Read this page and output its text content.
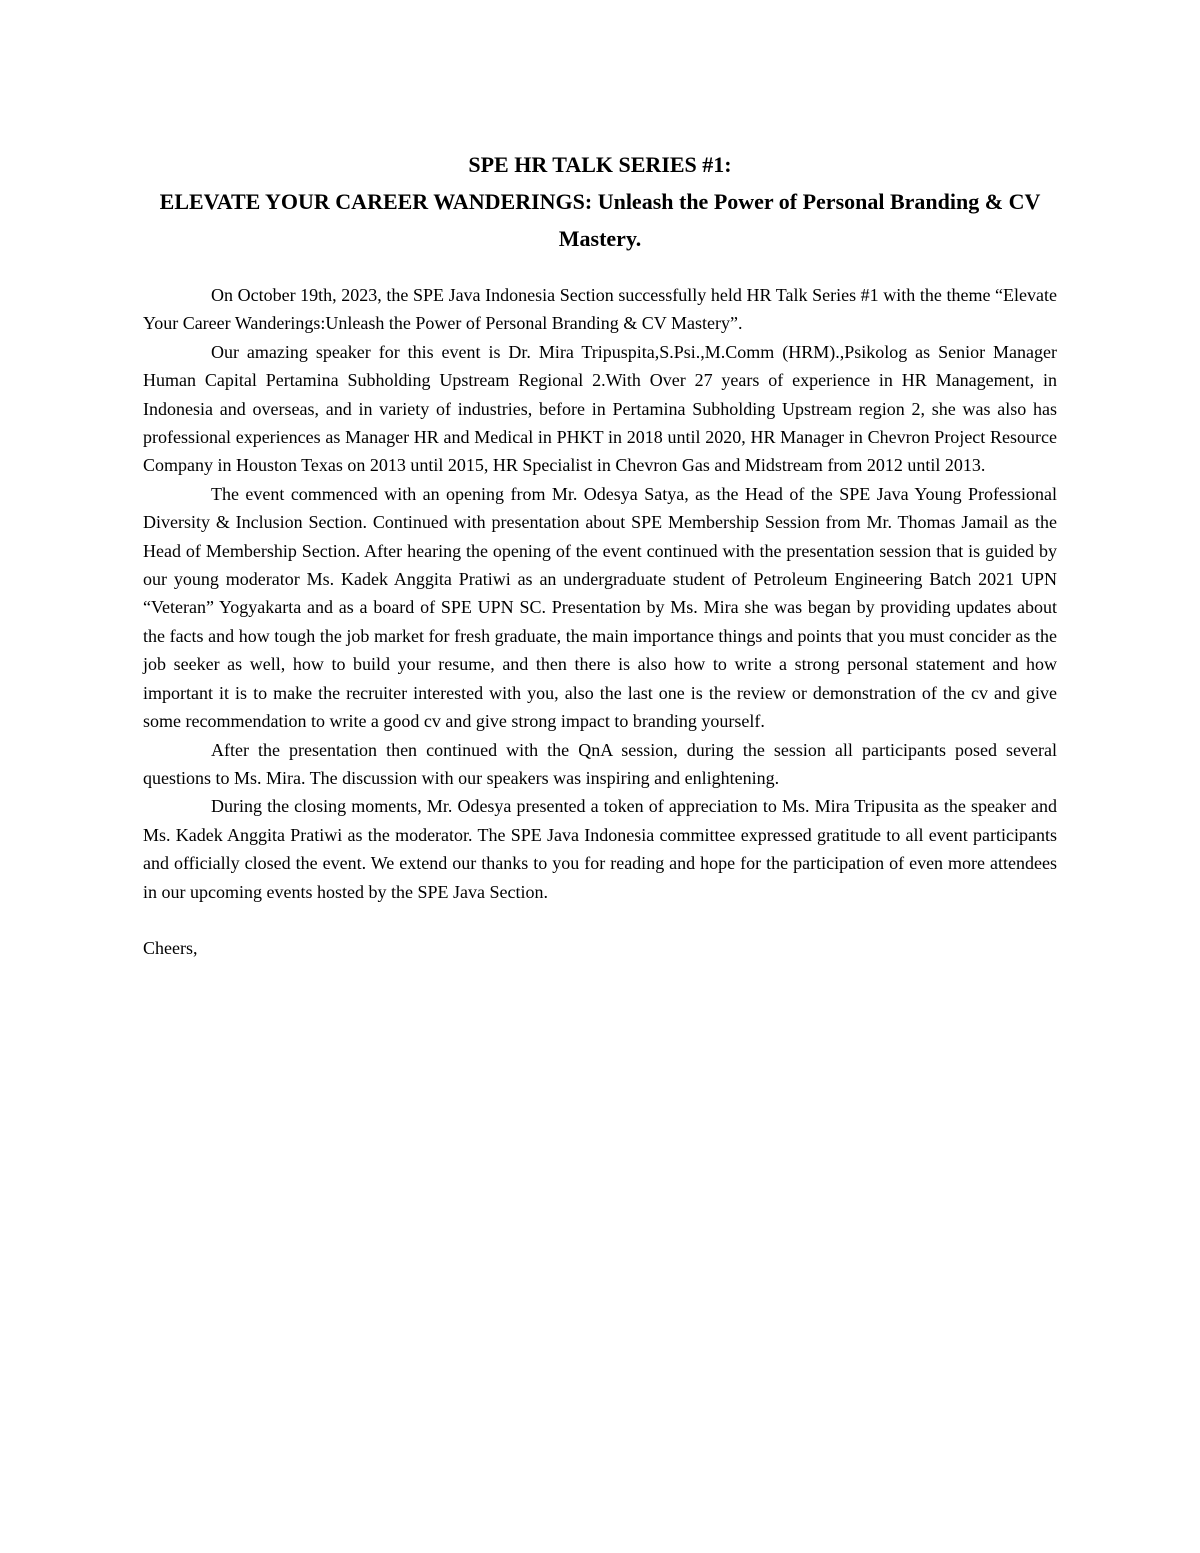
SPE HR TALK SERIES #1:
ELEVATE YOUR CAREER WANDERINGS: Unleash the Power of Personal Branding & CV Mastery.

On October 19th, 2023, the SPE Java Indonesia Section successfully held HR Talk Series #1 with the theme “Elevate Your Career Wanderings:Unleash the Power of Personal Branding & CV Mastery”.

Our amazing speaker for this event is Dr. Mira Tripuspita,S.Psi.,M.Comm (HRM).,Psikolog as Senior Manager Human Capital Pertamina Subholding Upstream Regional 2.With Over 27 years of experience in HR Management, in Indonesia and overseas, and in variety of industries, before in Pertamina Subholding Upstream region 2, she was also has professional experiences as Manager HR and Medical in PHKT in 2018 until 2020, HR Manager in Chevron Project Resource Company in Houston Texas on 2013 until 2015, HR Specialist in Chevron Gas and Midstream from 2012 until 2013.

The event commenced with an opening from Mr. Odesya Satya, as the Head of the SPE Java Young Professional Diversity & Inclusion Section. Continued with presentation about SPE Membership Session from Mr. Thomas Jamail as the Head of Membership Section. After hearing the opening of the event continued with the presentation session that is guided by our young moderator Ms. Kadek Anggita Pratiwi as an undergraduate student of Petroleum Engineering Batch 2021 UPN “Veteran” Yogyakarta and as a board of SPE UPN SC. Presentation by Ms. Mira she was began by providing updates about the facts and how tough the job market for fresh graduate, the main importance things and points that you must concider as the job seeker as well, how to build your resume, and then there is also how to write a strong personal statement and how important it is to make the recruiter interested with you, also the last one is the review or demonstration of the cv and give some recommendation to write a good cv and give strong impact to branding yourself.

After the presentation then continued with the QnA session, during the session all participants posed several questions to Ms. Mira. The discussion with our speakers was inspiring and enlightening.

During the closing moments, Mr. Odesya presented a token of appreciation to Ms. Mira Tripusita as the speaker and Ms. Kadek Anggita Pratiwi as the moderator. The SPE Java Indonesia committee expressed gratitude to all event participants and officially closed the event. We extend our thanks to you for reading and hope for the participation of even more attendees in our upcoming events hosted by the SPE Java Section.

Cheers,
